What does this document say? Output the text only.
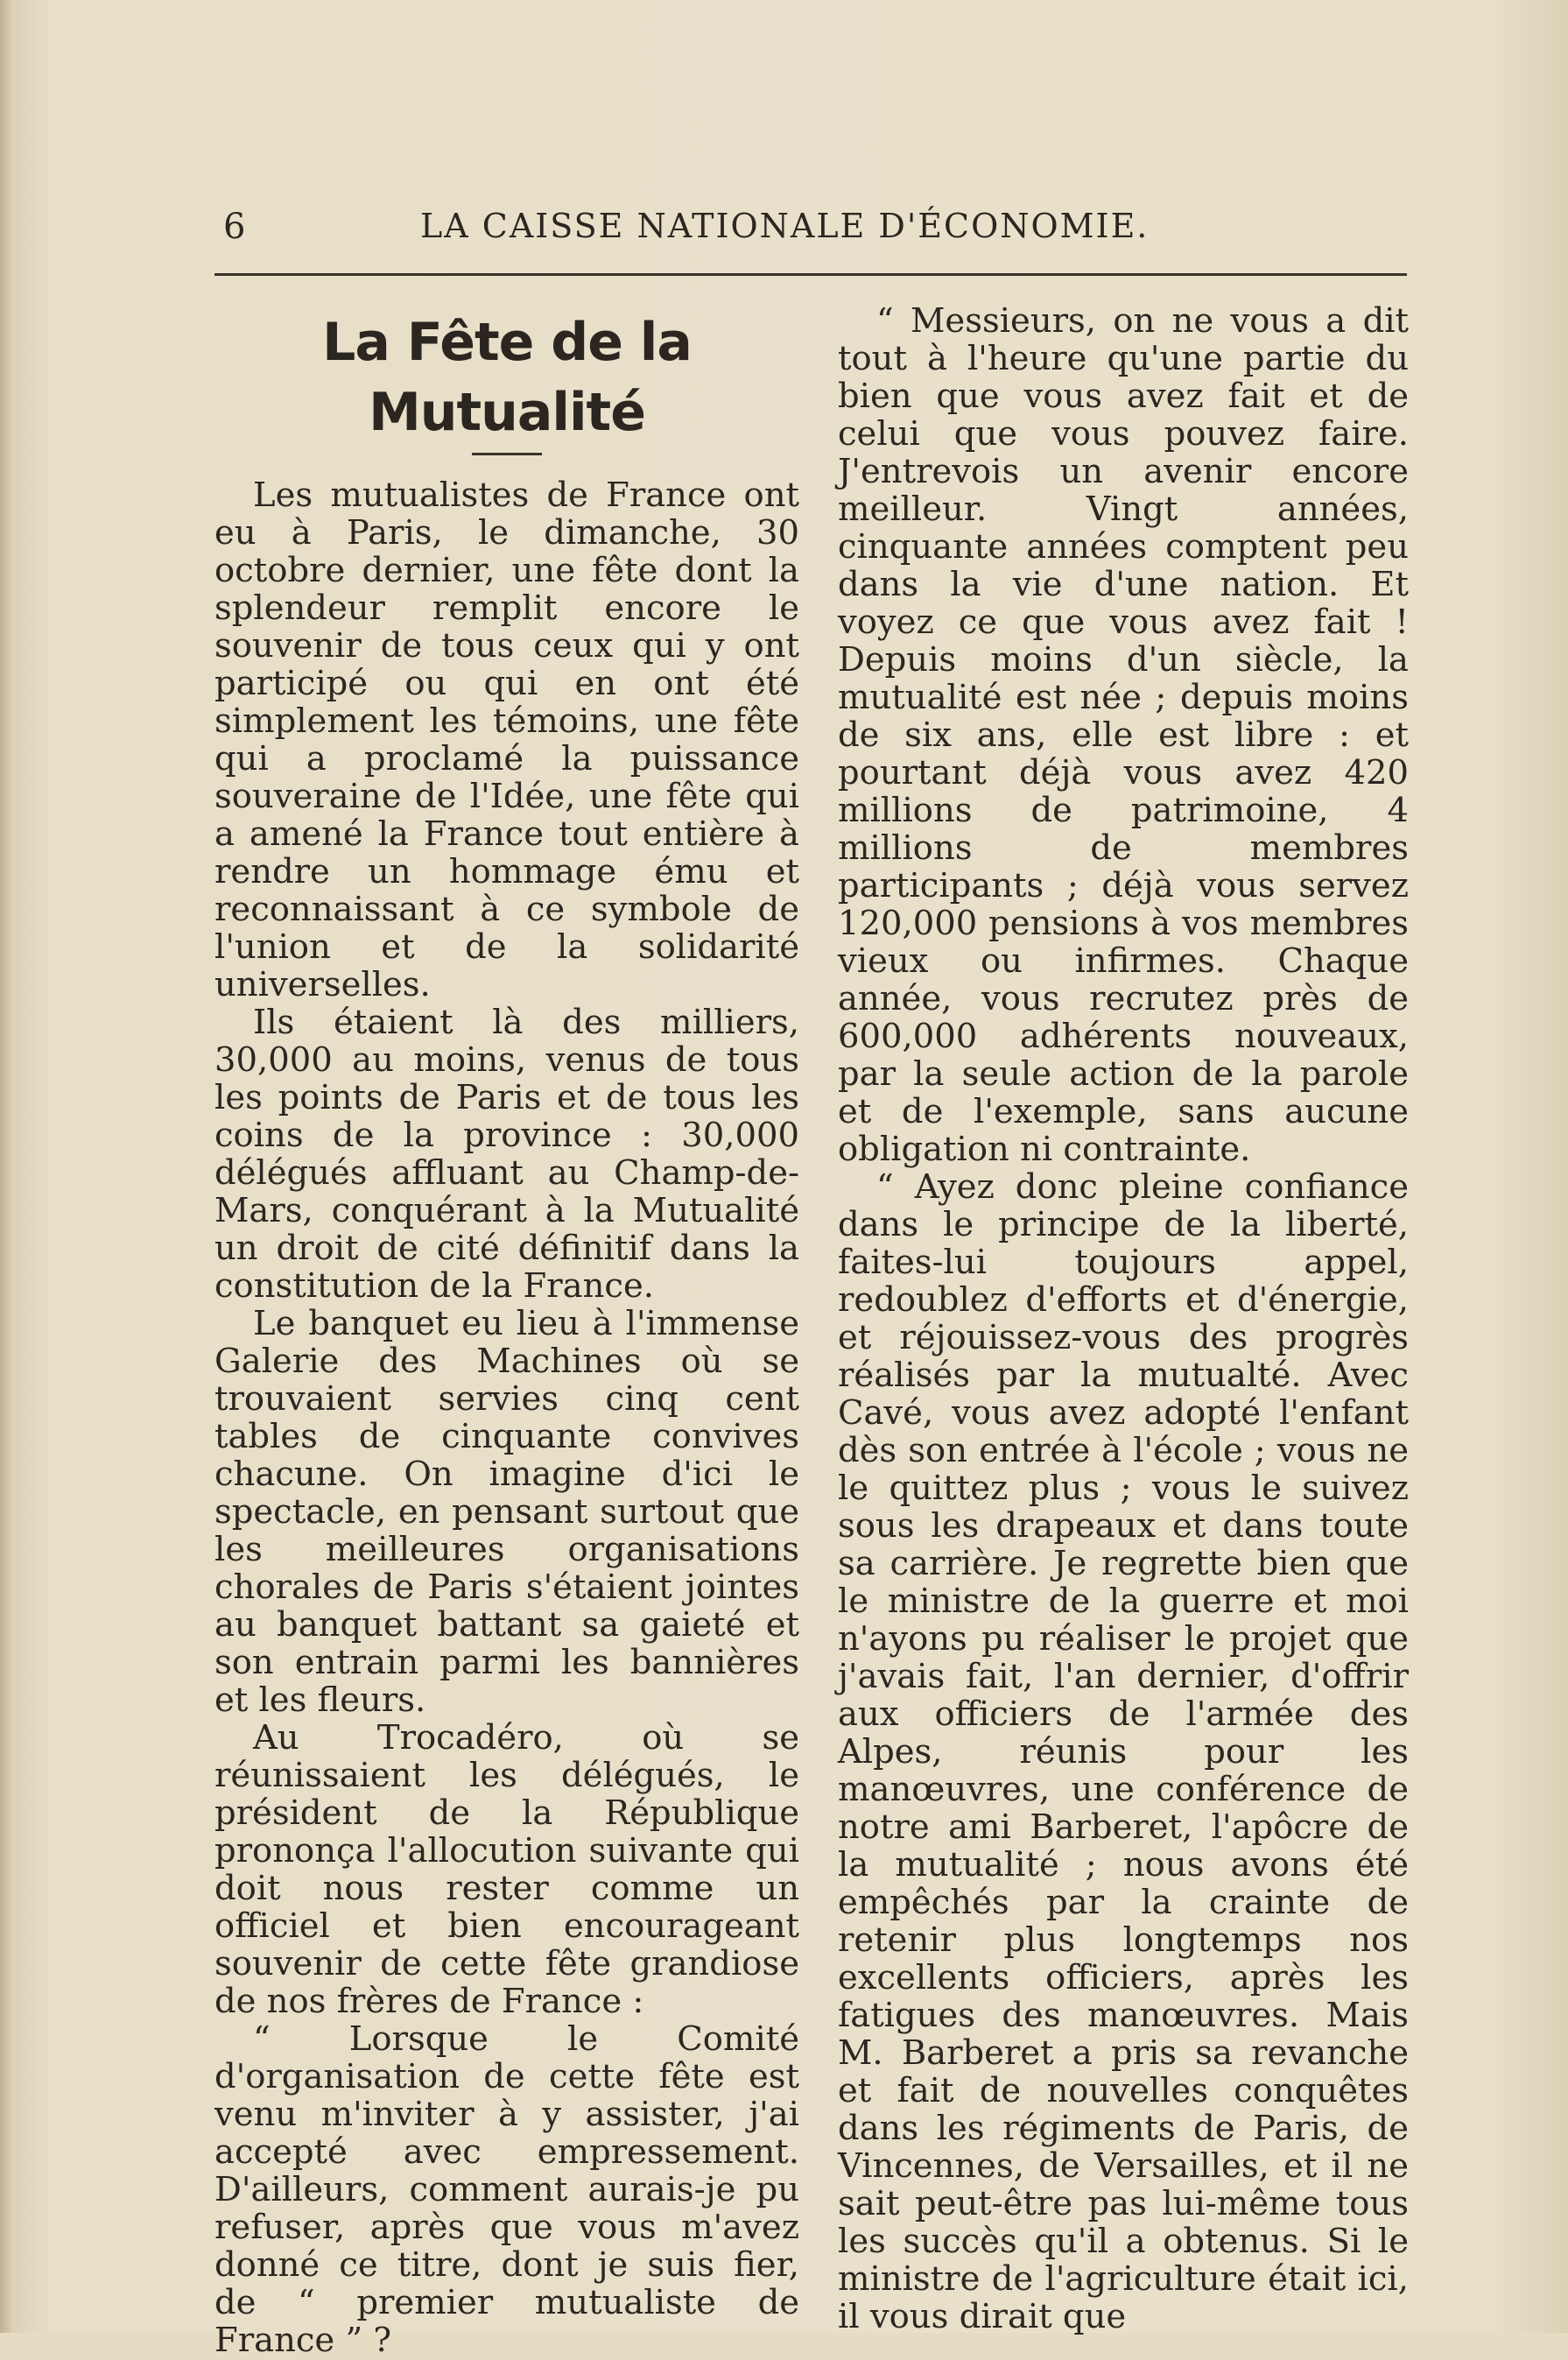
6	LA CAISSE NATIONALE D'ÉCONOMIE.
La Fête de la Mutualité

Les mutualistes de France ont eu à Paris, le dimanche, 30 octobre dernier, une fête dont la splendeur remplit encore le souvenir de tous ceux qui y ont participé ou qui en ont été simplement les témoins, une fête qui a proclamé la puissance souveraine de l'Idée, une fête qui a amené la France tout entière à rendre un hommage ému et reconnaissant à ce symbole de l'union et de la solidarité universelles.

Ils étaient là des milliers, 30,000 au moins, venus de tous les points de Paris et de tous les coins de la province : 30,000 délégués affluant au Champ-de-Mars, conquérant à la Mutualité un droit de cité définitif dans la constitution de la France.

Le banquet eu lieu à l'immense Galerie des Machines où se trouvaient servies cinq cent tables de cinquante convives chacune. On imagine d'ici le spectacle, en pensant surtout que les meilleures organisations chorales de Paris s'étaient jointes au banquet battant sa gaieté et son entrain parmi les bannières et les fleurs.

Au Trocadéro, où se réunissaient les délégués, le président de la République prononça l'allocution suivante qui doit nous rester comme un officiel et bien encourageant souvenir de cette fête grandiose de nos frères de France :

“ Lorsque le Comité d'organisation de cette fête est venu m'inviter à y assister, j'ai accepté avec empressement. D'ailleurs, comment aurais-je pu refuser, après que vous m'avez donné ce titre, dont je suis fier, de “ premier mutualiste de France ” ?

“ Messieurs, on ne vous a dit tout à l'heure qu'une partie du bien que vous avez fait et de celui que vous pouvez faire. J'entrevois un avenir encore meilleur. Vingt années, cinquante années comptent peu dans la vie d'une nation. Et voyez ce que vous avez fait ! Depuis moins d'un siècle, la mutualité est née ; depuis moins de six ans, elle est libre : et pourtant déjà vous avez 420 millions de patrimoine, 4 millions de membres participants ; déjà vous servez 120,000 pensions à vos membres vieux ou infirmes. Chaque année, vous recrutez près de 600,000 adhérents nouveaux, par la seule action de la parole et de l'exemple, sans aucune obligation ni contrainte.

“ Ayez donc pleine confiance dans le principe de la liberté, faites-lui toujours appel, redoublez d'efforts et d'énergie, et réjouissez-vous des progrès réalisés par la mutualté. Avec Cavé, vous avez adopté l'enfant dès son entrée à l'école ; vous ne le quittez plus ; vous le suivez sous les drapeaux et dans toute sa carrière. Je regrette bien que le ministre de la guerre et moi n'ayons pu réaliser le projet que j'avais fait, l'an dernier, d'offrir aux officiers de l'armée des Alpes, réunis pour les manœuvres, une conférence de notre ami Barberet, l'apôcre de la mutualité ; nous avons été empêchés par la crainte de retenir plus longtemps nos excellents officiers, après les fatigues des manœuvres. Mais M. Barberet a pris sa revanche et fait de nouvelles conquêtes dans les régiments de Paris, de Vincennes, de Versailles, et il ne sait peut-être pas lui-même tous les succès qu'il a obtenus. Si le ministre de l'agriculture était ici, il vous dirait que
